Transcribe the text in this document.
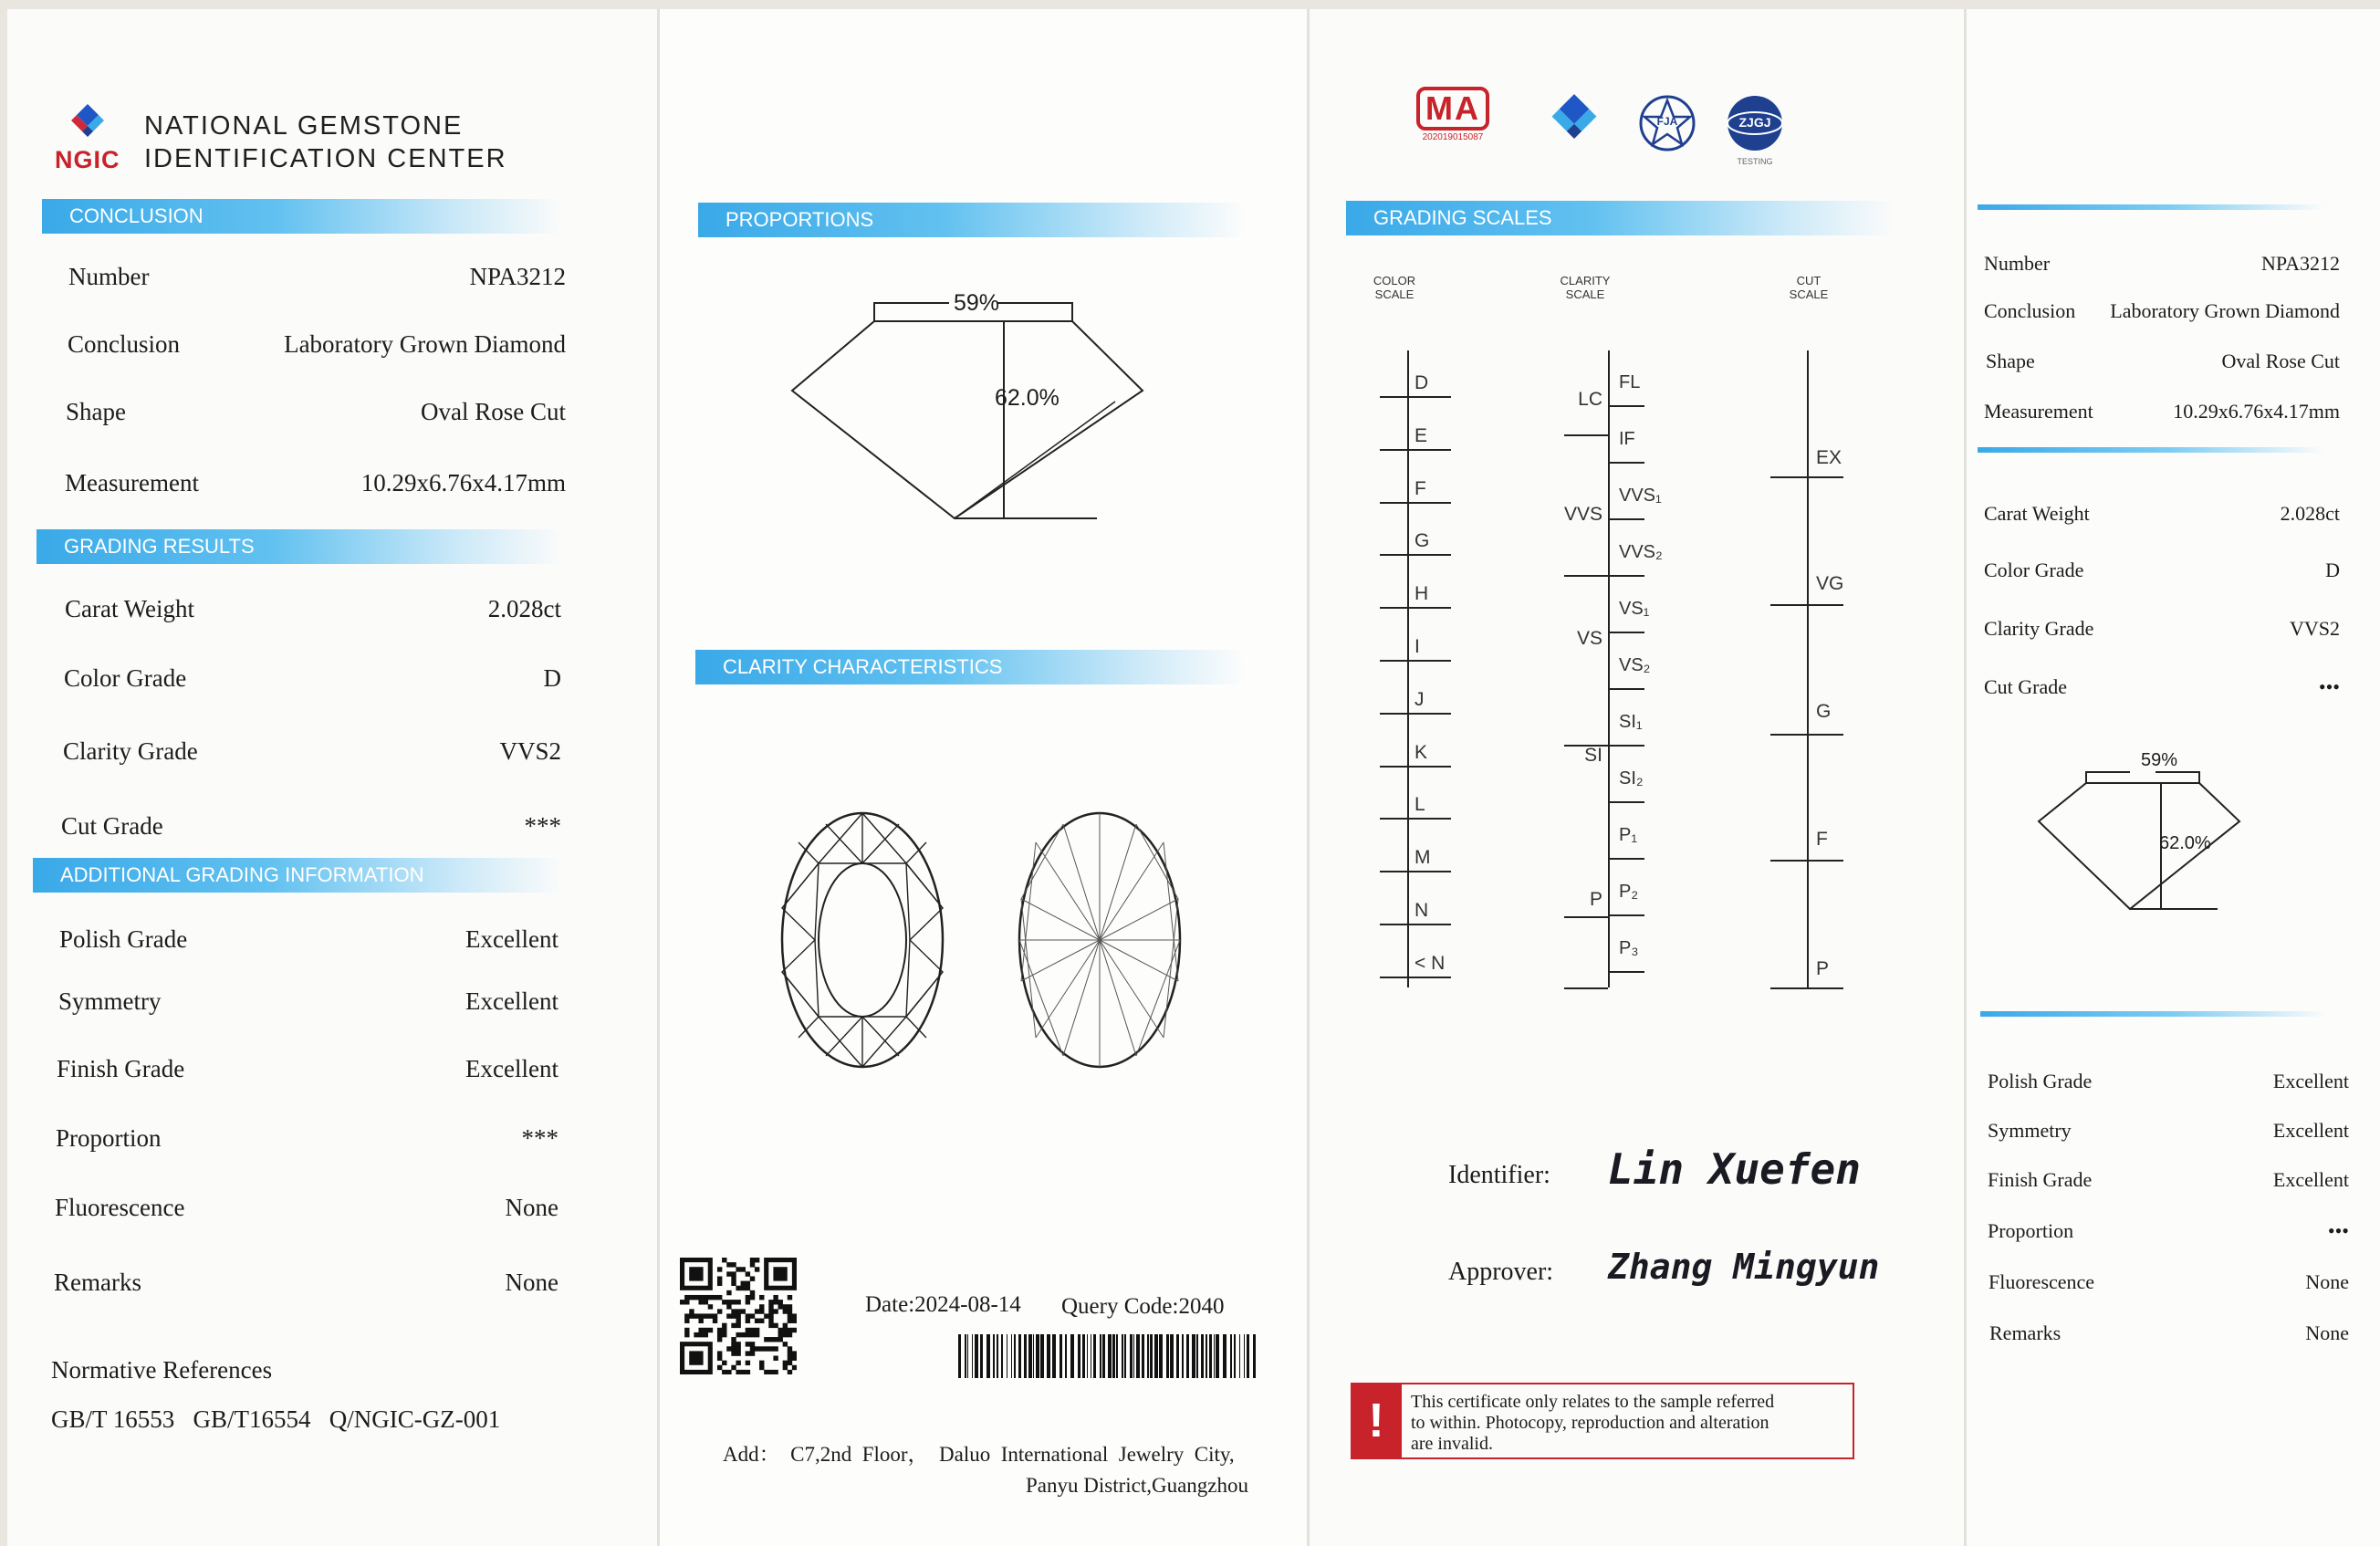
NGIC
NATIONAL GEMSTONE
IDENTIFICATION CENTER
CONCLUSION
Number	NPA3212
Conclusion	Laboratory Grown Diamond
Shape	Oval Rose Cut
Measurement	10.29x6.76x4.17mm
GRADING RESULTS
Carat Weight	2.028ct
Color Grade	D
Clarity Grade	VVS2
Cut Grade	***
ADDITIONAL GRADING INFORMATION
Polish Grade	Excellent
Symmetry	Excellent
Finish Grade	Excellent
Proportion	***
Fluorescence	None
Remarks	None
Normative References
GB/T 16553   GB/T16554   Q/NGIC-GZ-001
PROPORTIONS
59%
62.0%
CLARITY CHARACTERISTICS
Date:2024-08-14 Query Code:2040
Add：  C7,2nd  Floor，  Daluo  International  Jewelry  City,
Panyu District,Guangzhou
MA
202019015087
FJA	ZJGJ
TESTING
GRADING SCALES
COLOR
SCALE
CLARITY
SCALE
CUT
SCALE
D
E
F
G
H
I
J
K
L
M
N
< N
FL
IF
VVS₁
VVS₂
VS₁
VS₂
SI₁
SI₂
P₁
P₂
P₃
LC
VVS
VS
SI
P
EX
VG
G
F
P
Identifier: Lin Xuefen
Approver: Zhang Mingyun
!	This certificate only relates to the sample referred
to within. Photocopy, reproduction and alteration
are invalid.
Number	NPA3212
Conclusion Laboratory Grown Diamond
Shape	Oval Rose Cut
Measurement	10.29x6.76x4.17mm
Carat Weight	2.028ct
Color Grade	D
Clarity Grade	VVS2
Cut Grade	•••
59%
62.0%
Polish Grade	Excellent
Symmetry	Excellent
Finish Grade	Excellent
Proportion	•••
Fluorescence	None
Remarks	None
